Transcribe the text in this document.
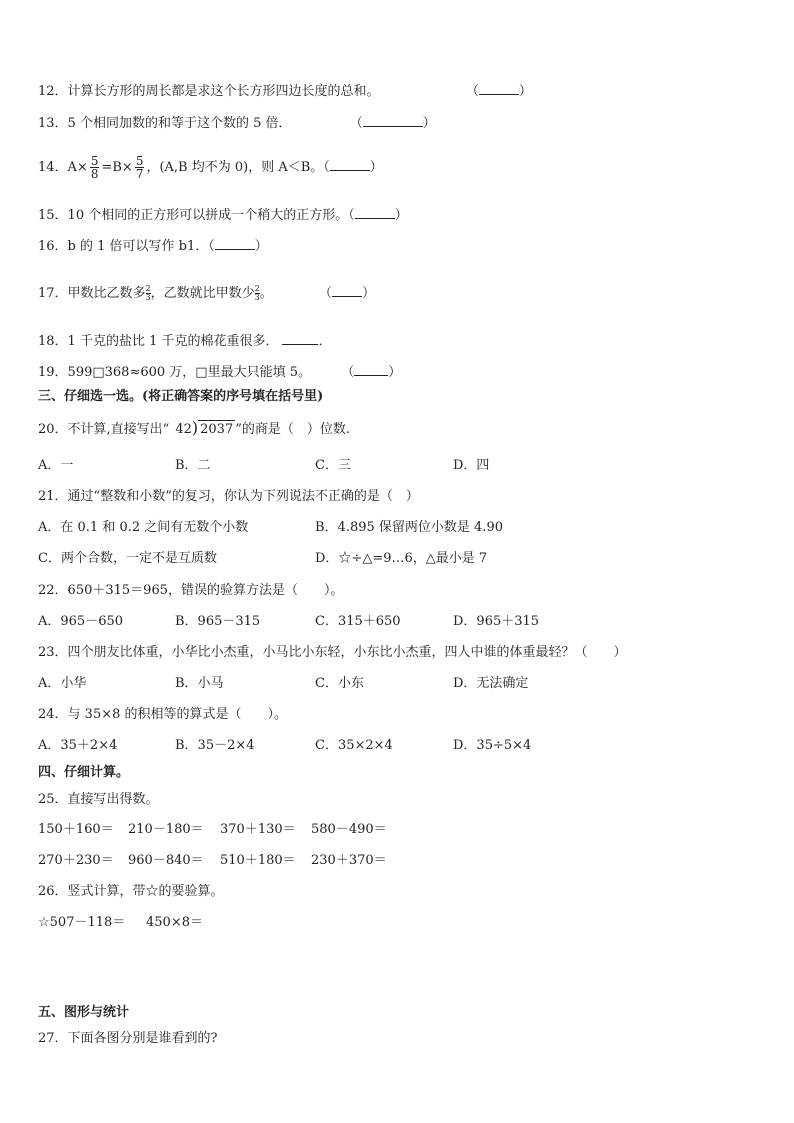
12．计算长方形的周长都是求这个长方形四边长度的总和。	（	）
13．5 个相同加数的和等于这个数的 5 倍．	（	）
14．$A\times \frac{5}{8} =B\times \frac{5}{7}$ ，(A,B 均不为 0)，则 A＜B。（	）
15．10 个相同的正方形可以拼成一个稍大的正方形。（	）
16．b 的 1 倍可以写作 b1．（	）
17．甲数比乙数多 $\frac{2}{3}$ ，乙数就比甲数少 $\frac{2}{3}$ 。	（ ）
18．1 千克的盐比 1 千克的棉花重很多．	．
19．599□368≈600 万，□里最大只能填 5。 （	）
三、仔细选一选。(将正确答案的序号填在括号里)
20．不计算,直接写出“ 42) 2037 ”的商是（　）位数.
A．一	B．二	C．三	D．四
21．通过“整数和小数”的复习，你认为下列说法不正确的是（　）
A．在 0.1 和 0.2 之间有无数个小数	B．4.895 保留两位小数是 4.90
C．两个合数，一定不是互质数	D．☆÷△=9…6，△最小是 7
22．650＋315＝965，错误的验算方法是（　　）。
A．965－650	B．965－315	C．315＋650	D．965＋315
23．四个朋友比体重，小华比小杰重，小马比小东轻，小东比小杰重，四人中谁的体重最轻？（　　）
A．小华	B．小马	C．小东	D．无法确定
24．与 35×8 的积相等的算式是（　　）。
A．35＋2×4	B．35－2×4	C．35×2×4	D．35÷5×4
四、仔细计算。
25．直接写出得数。
150＋160＝ 210－180＝ 370＋130＝ 580－490＝
270＋230＝ 960－840＝ 510＋180＝ 230＋370＝
26．竖式计算，带☆的要验算。
☆507－118＝ 450×8＝
五、图形与统计
27．下面各图分别是谁看到的?
